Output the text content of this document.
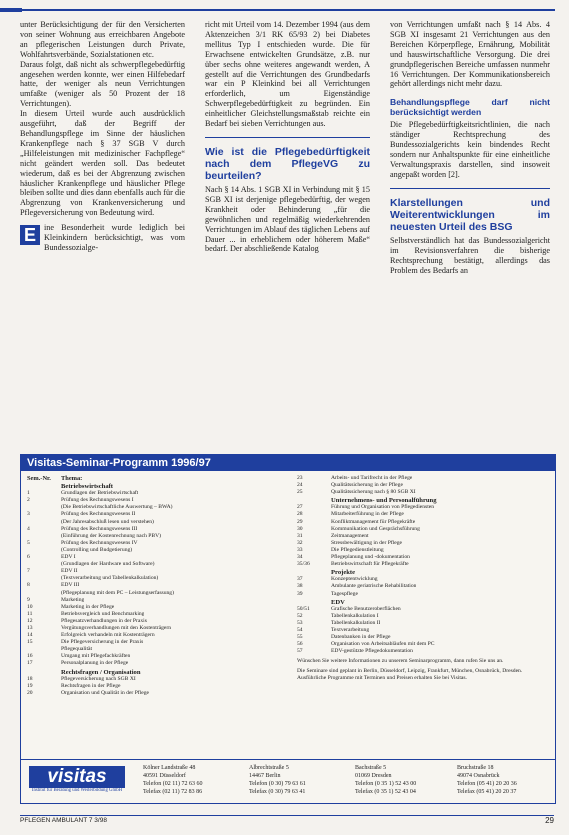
unter Berücksichtigung der für den Versicherten von seiner Wohnung aus erreichbaren Angebote an pflegerischen Leistungen durch Private, Wohlfahrtsverbände, Sozialstationen etc.

Daraus folgt, daß nicht als schwerpflegebedürftig angesehen werden konnte, wer einen Hilfebedarf hatte, der weniger als neun Verrichtungen umfaßte (weniger als 50 Prozent der 18 Verrichtungen).

In diesem Urteil wurde auch ausdrücklich ausgeführt, daß der Begriff der Behandlungspflege im Sinne der häuslichen Krankenpflege nach § 37 SGB V durch „Hilfeleistungen mit medizinischer Fachpflege“ nicht geändert werden soll. Das bedeutet wiederum, daß es bei der Abgrenzung zwischen häuslicher Krankenpflege und häuslicher Pflege bleiben sollte und dies dann ebenfalls auch für die Abgrenzung von Krankenversicherung und Pflegeversicherung von Bedeutung wird.

E ine Besonderheit wurde lediglich bei Kleinkindern berücksichtigt, was vom Bundessozialge-

richt mit Urteil vom 14. Dezember 1994 (aus dem Aktenzeichen 3/1 RK 65/93 2) bei Diabetes mellitus Typ I entschieden wurde. Die für Erwachsene entwickelten Grundsätze, z.B. nur über sechs ohne weiteres angewandt werden, A gestellt auf die Verrichtungen des Grundbedarfs war ein P Kleinkind bei all Verrichtungen erforderlich, um Eigenständige Schwerpflegebedürftigkeit zu begründen. Ein einheitlicher Gleichstellungsmaßstab reichte ein Bedarf bei sieben Verrichtungen aus.

Wie ist die Pflegebedürftigkeit nach dem PflegeVG zu beurteilen?

Nach § 14 Abs. 1 SGB XI in Verbindung mit § 15 SGB XI ist derjenige pflegebedürftig, der wegen Krankheit oder Behinderung „für die gewöhnlichen und regelmäßig wiederkehrenden Verrichtungen im Ablauf des täglichen Lebens auf Dauer ... in erheblichem oder höherem Maße“ bedarf. Der abschließende Katalog

von Verrichtungen umfaßt nach § 14 Abs. 4 SGB XI insgesamt 21 Verrichtungen aus den Bereichen Körperpflege, Ernährung, Mobilität und hauswirtschaftliche Versorgung. Die drei grundpflegerischen Bereiche umfassen nunmehr 16 Verrichtungen. Der Kommunikationsbereich gehört allerdings nicht mehr dazu.

Behandlungspflege darf nicht berücksichtigt werden

Die Pflegebedürftigkeitsrichtlinien, die nach ständiger Rechtsprechung des Bundessozialgerichts kein bindendes Recht sondern nur Anhaltspunkte für eine einheitliche Verwaltungspraxis darstellen, sind insoweit angepaßt worden [2].

Klarstellungen und Weiterentwicklungen im neuesten Urteil des BSG

Selbstverständlich hat das Bundessozialgericht im Revisionsverfahren die bisherige Rechtsprechung bestätigt, allerdings das Problem des Bedarfs an

Visitas-Seminar-Programm 1996/97
Sem.-Nr.	Thema:
Betriebswirtschaft
1	Grundlagen der Betriebswirtschaft
2	Prüfung des Rechnungswesens I
(Die Betriebswirtschaftliche Auswertung – BWA)
3	Prüfung des Rechnungswesens II
(Der Jahresabschluß lesen und verstehen)
4	Prüfung des Rechnungswesens III
(Einführung der Kostenrechnung nach PBV)
5	Prüfung des Rechnungswesens IV
(Controlling und Budgetierung)
6	EDV I
(Grundlagen der Hardware und Software)
7	EDV II
(Textverarbeitung und Tabellenkalkulation)
8	EDV III
(Pflegeplanung mit dem PC – Leistungserfassung)
9	Marketing
10	Marketing in der Pflege
11	Betriebsvergleich und Benchmarking
12	Pflegesatzverhandlungen in der Praxis
13	Vergütungsverhandlungen mit den Kostenträgern
14	Erfolgreich verhandeln mit Kostenträgern
15	Die Pflegeversicherung in der Praxis
Pflegequalität
16	Umgang mit Pflegefachkräften
17	Personalplanung in der Pflege
Rechtsfragen / Organisation
18	Pflegeversicherung nach SGB XI
19	Rechtsfragen in der Pflege
20	Organisation und Qualität in der Pflege
23	Arbeits- und Tarifrecht in der Pflege
24	Qualitätssicherung in der Pflege
25	Qualitätssicherung nach § 80 SGB XI
Unternehmens- und Personalführung
27	Führung und Organisation von Pflegediensten
28	Mitarbeiterführung in der Pflege
29	Konfliktmanagement für Pflegekräfte
30	Kommunikation und Gesprächsführung
31	Zeitmanagement
32	Stressbewältigung in der Pflege
33	Die Pflegedienstleitung
34	Pflegeplanung und -dokumentation
35/36	Betriebswirtschaft für Pflegekräfte
Projekte
37	Konzeptentwicklung
38	Ambulante geriatrische Rehabilitation
39	Tagespflege
EDV
50/51	Grafische Benutzeroberflächen
52	Tabellenkalkulation I
53	Tabellenkalkulation II
54	Textverarbeitung
55	Datenbanken in der Pflege
56	Organisation von Arbeitsabläufen mit dem PC
57	EDV-gestützte Pflegedokumentation
Wünschen Sie weitere Informationen zu unserem Seminarprogramm, dann rufen Sie uns an.
Die Seminare sind geplant in Berlin, Düsseldorf, Leipzig, Frankfurt, München, Osnabrück, Dresden. Ausführliche Programme mit Terminen und Preisen erhalten Sie bei Visitas.
visitas
Institut für Beratung und Weiterbildung GmbH
Kölner Landstraße 48
40591 Düsseldorf
Telefon (02 11) 72 63 60
Telefax (02 11) 72 83 86
Albrechtstraße 5
14467 Berlin
Telefon (0 30) 79 63 61
Telefax (0 30) 79 63 41
Bachstraße 5
01069 Dresden
Telefon (0 35 1) 52 43 00
Telefax (0 35 1) 52 43 04
Bruchstraße 18
49074 Osnabrück
Telefon (05 41) 20 20 36
Telefax (05 41) 20 20 37
PFLEGEN AMBULANT 7 3/98	29
